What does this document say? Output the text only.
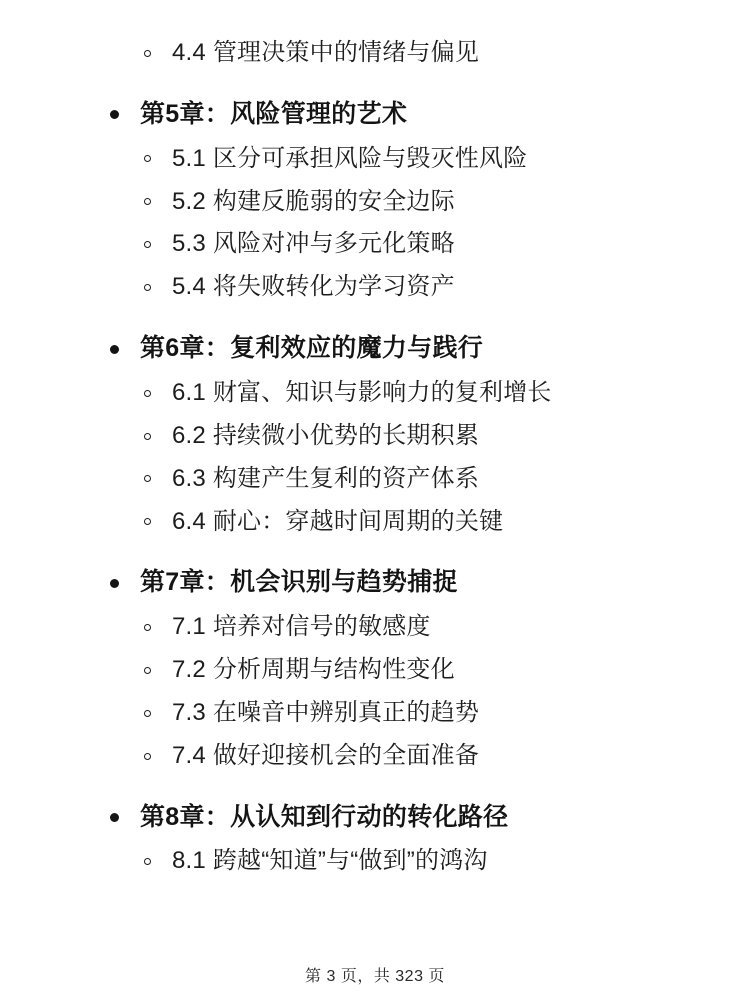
4.4 管理决策中的情绪与偏见
第5章：风险管理的艺术
5.1 区分可承担风险与毁灭性风险
5.2 构建反脆弱的安全边际
5.3 风险对冲与多元化策略
5.4 将失败转化为学习资产
第6章：复利效应的魔力与践行
6.1 财富、知识与影响力的复利增长
6.2 持续微小优势的长期积累
6.3 构建产生复利的资产体系
6.4 耐心：穿越时间周期的关键
第7章：机会识别与趋势捕捉
7.1 培养对信号的敏感度
7.2 分析周期与结构性变化
7.3 在噪音中辨别真正的趋势
7.4 做好迎接机会的全面准备
第8章：从认知到行动的转化路径
8.1 跨越“知道”与“做到”的鸿沟
第 3 页，共 323 页
